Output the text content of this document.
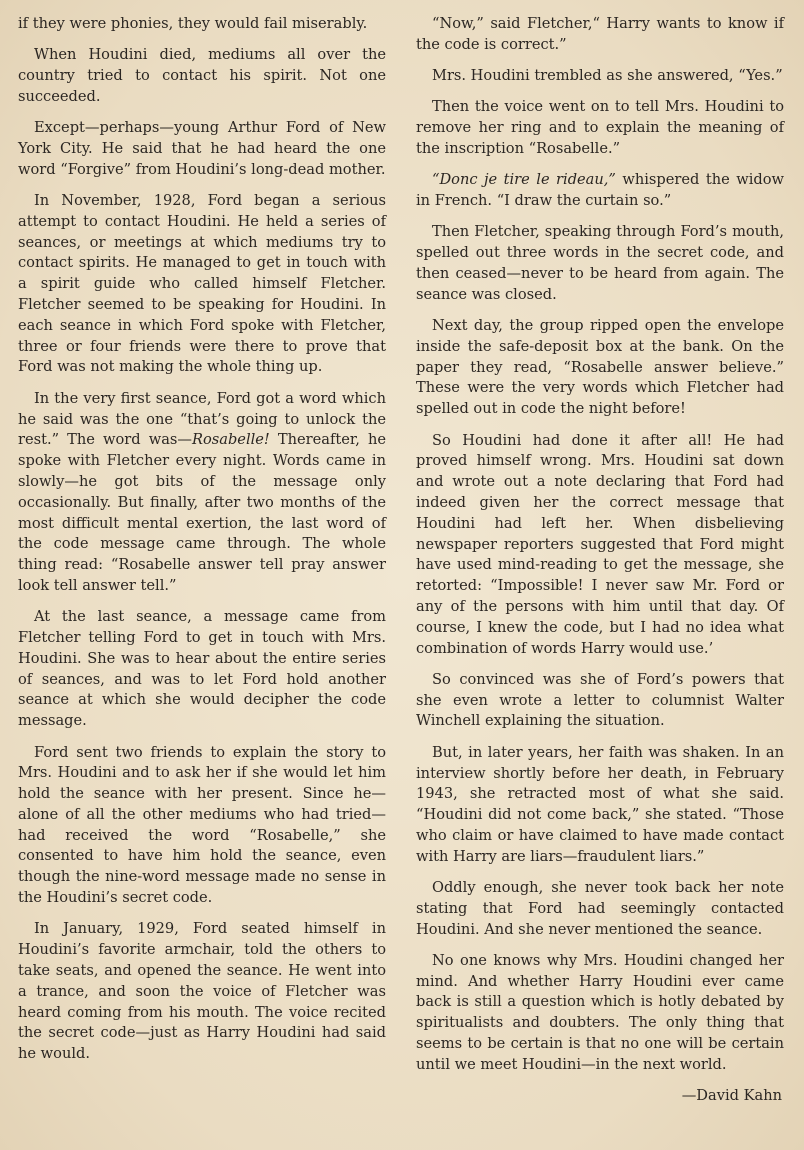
if they were phonies, they would fail miserably.

When Houdini died, mediums all over the country tried to contact his spirit. Not one succeeded.

Except—perhaps—young Arthur Ford of New York City. He said that he had heard the one word “Forgive” from Houdini’s long-dead mother.

In November, 1928, Ford began a serious attempt to contact Houdini. He held a series of seances, or meetings at which mediums try to contact spirits. He managed to get in touch with a spirit guide who called himself Fletcher. Fletcher seemed to be speaking for Houdini. In each seance in which Ford spoke with Fletcher, three or four friends were there to prove that Ford was not making the whole thing up.

In the very first seance, Ford got a word which he said was the one “that’s going to unlock the rest.” The word was—Rosabelle! Thereafter, he spoke with Fletcher every night. Words came in slowly—he got bits of the message only occasionally. But finally, after two months of the most difficult mental exertion, the last word of the code message came through. The whole thing read: “Rosabelle answer tell pray answer look tell answer tell.”

At the last seance, a message came from Fletcher telling Ford to get in touch with Mrs. Houdini. She was to hear about the entire series of seances, and was to let Ford hold another seance at which she would decipher the code message.

Ford sent two friends to explain the story to Mrs. Houdini and to ask her if she would let him hold the seance with her present. Since he—alone of all the other mediums who had tried—had received the word “Rosabelle,” she consented to have him hold the seance, even though the nine-word message made no sense in the Houdini’s secret code.

In January, 1929, Ford seated himself in Houdini’s favorite armchair, told the others to take seats, and opened the seance. He went into a trance, and soon the voice of Fletcher was heard coming from his mouth. The voice recited the secret code—just as Harry Houdini had said he would.

“Now,” said Fletcher,“ Harry wants to know if the code is correct.”

Mrs. Houdini trembled as she answered, “Yes.”

Then the voice went on to tell Mrs. Houdini to remove her ring and to explain the meaning of the inscription “Rosabelle.”

“Donc je tire le rideau,” whispered the widow in French. “I draw the curtain so.”

Then Fletcher, speaking through Ford’s mouth, spelled out three words in the secret code, and then ceased—never to be heard from again. The seance was closed.

Next day, the group ripped open the envelope inside the safe-deposit box at the bank. On the paper they read, “Rosabelle answer believe.” These were the very words which Fletcher had spelled out in code the night before!

So Houdini had done it after all! He had proved himself wrong. Mrs. Houdini sat down and wrote out a note declaring that Ford had indeed given her the correct message that Houdini had left her. When disbelieving newspaper reporters suggested that Ford might have used mind-reading to get the message, she retorted: “Impossible! I never saw Mr. Ford or any of the persons with him until that day. Of course, I knew the code, but I had no idea what combination of words Harry would use.’

So convinced was she of Ford’s powers that she even wrote a letter to columnist Walter Winchell explaining the situation.

But, in later years, her faith was shaken. In an interview shortly before her death, in February 1943, she retracted most of what she said. “Houdini did not come back,” she stated. “Those who claim or have claimed to have made contact with Harry are liars—fraudulent liars.”

Oddly enough, she never took back her note stating that Ford had seemingly contacted Houdini. And she never mentioned the seance.

No one knows why Mrs. Houdini changed her mind. And whether Harry Houdini ever came back is still a question which is hotly debated by spiritualists and doubters. The only thing that seems to be certain is that no one will be certain until we meet Houdini—in the next world.

—David Kahn
